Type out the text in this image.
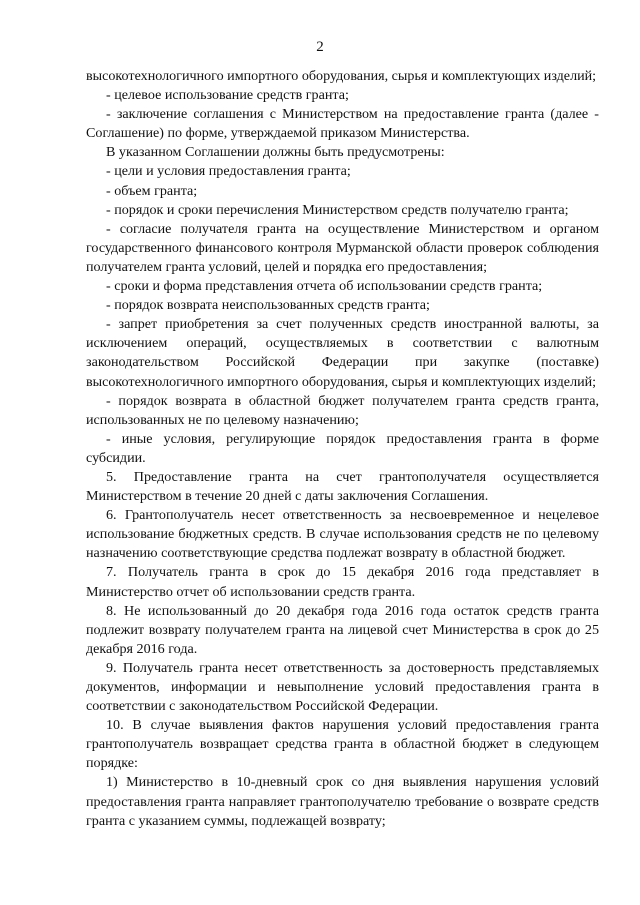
2

высокотехнологичного импортного оборудования, сырья и комплектующих изделий;

- целевое использование средств гранта;

- заключение соглашения с Министерством на предоставление гранта (далее - Соглашение) по форме, утверждаемой приказом Министерства.

В указанном Соглашении должны быть предусмотрены:

- цели и условия предоставления гранта;

- объем гранта;

- порядок и сроки перечисления Министерством средств получателю гранта;

- согласие получателя гранта на осуществление Министерством и органом государственного финансового контроля Мурманской области проверок соблюдения получателем гранта условий, целей и порядка его предоставления;

- сроки и форма представления отчета об использовании средств гранта;

- порядок возврата неиспользованных средств гранта;

- запрет приобретения за счет полученных средств иностранной валюты, за исключением операций, осуществляемых в соответствии с валютным законодательством Российской Федерации при закупке (поставке) высокотехнологичного импортного оборудования, сырья и комплектующих изделий;

- порядок возврата в областной бюджет получателем гранта средств гранта, использованных не по целевому назначению;

- иные условия, регулирующие порядок предоставления гранта в форме субсидии.

5. Предоставление гранта на счет грантополучателя осуществляется Министерством в течение 20 дней с даты заключения Соглашения.

6. Грантополучатель несет ответственность за несвоевременное и нецелевое использование бюджетных средств. В случае использования средств не по целевому назначению соответствующие средства подлежат возврату в областной бюджет.

7. Получатель гранта в срок до 15 декабря 2016 года представляет в Министерство отчет об использовании средств гранта.

8. Не использованный до 20 декабря года 2016 года остаток средств гранта подлежит возврату получателем гранта на лицевой счет Министерства в срок до 25 декабря 2016 года.

9. Получатель гранта несет ответственность за достоверность представляемых документов, информации и невыполнение условий предоставления гранта в соответствии с законодательством Российской Федерации.

10. В случае выявления фактов нарушения условий предоставления гранта грантополучатель возвращает средства гранта в областной бюджет в следующем порядке:

1) Министерство в 10-дневный срок со дня выявления нарушения условий предоставления гранта направляет грантополучателю требование о возврате средств гранта с указанием суммы, подлежащей возврату;
